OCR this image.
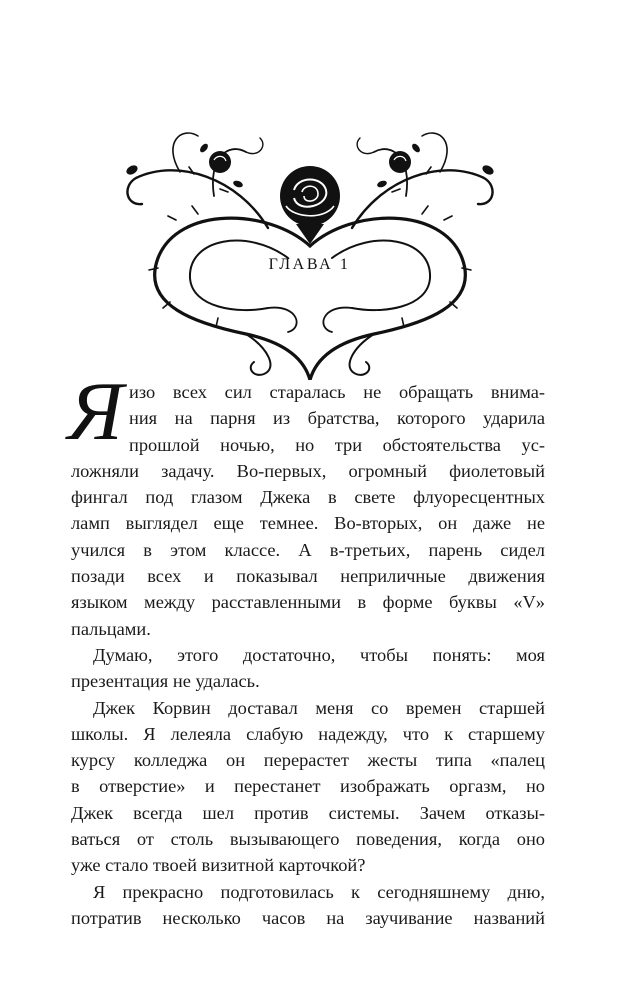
ГЛАВА 1
Я изо всех сил старалась не обращать внима-
ния на парня из братства, которого ударила
прошлой ночью, но три обстоятельства ус-
ложняли задачу. Во-первых, огромный фиолетовый
фингал под глазом Джека в свете флуоресцентных
ламп выглядел еще темнее. Во-вторых, он даже не
учился в этом классе. А в-третьих, парень сидел
позади всех и показывал неприличные движения
языком между расставленными в форме буквы «V»
пальцами.
Думаю, этого достаточно, чтобы понять: моя
презентация не удалась.
Джек Корвин доставал меня со времен старшей
школы. Я лелеяла слабую надежду, что к старшему
курсу колледжа он перерастет жесты типа «палец
в отверстие» и перестанет изображать оргазм, но
Джек всегда шел против системы. Зачем отказы-
ваться от столь вызывающего поведения, когда оно
уже стало твоей визитной карточкой?
Я прекрасно подготовилась к сегодняшнему дню,
потратив несколько часов на заучивание названий
